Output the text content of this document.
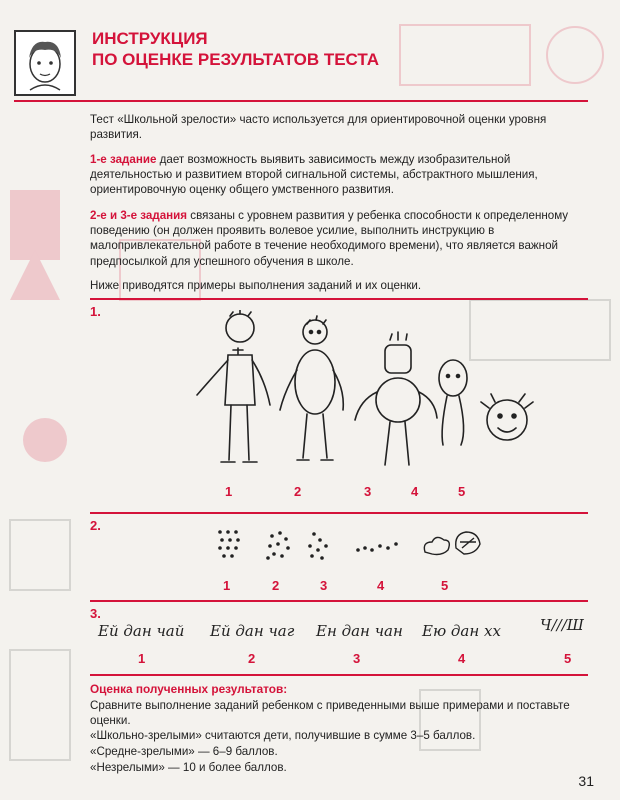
ИНСТРУКЦИЯ
ПО ОЦЕНКЕ РЕЗУЛЬТАТОВ ТЕСТА
Тест «Школьной зрелости» часто используется для ориентировочной оценки уровня развития.
1-е задание дает возможность выявить зависимость между изобразительной деятельностью и развитием второй сигнальной системы, абстрактного мышления, ориентировочную оценку общего умственного развития.
2-е и 3-е задания связаны с уровнем развития у ребенка способности к определенному поведению (он должен проявить волевое усилие, выполнить инструкцию в малопривлекательной работе в течение необходимого времени), что является важной предпосылкой для успешного обучения в школе.
Ниже приводятся примеры выполнения заданий и их оценки.
1.
1	2	3	4	5
2.
1	2	3	4	5
3.
Ей дан чай Ей дан чаг Ен дан чан Ею дан хх	Ч///Ш
1	2	3	4	5
Оценка полученных результатов:
Сравните выполнение заданий ребенком с приведенными выше примерами и поставьте оценки.
«Школьно-зрелыми» считаются дети, получившие в сумме 3–5 баллов.
«Средне-зрелыми» — 6–9 баллов.
«Незрелыми» — 10 и более баллов.
31
